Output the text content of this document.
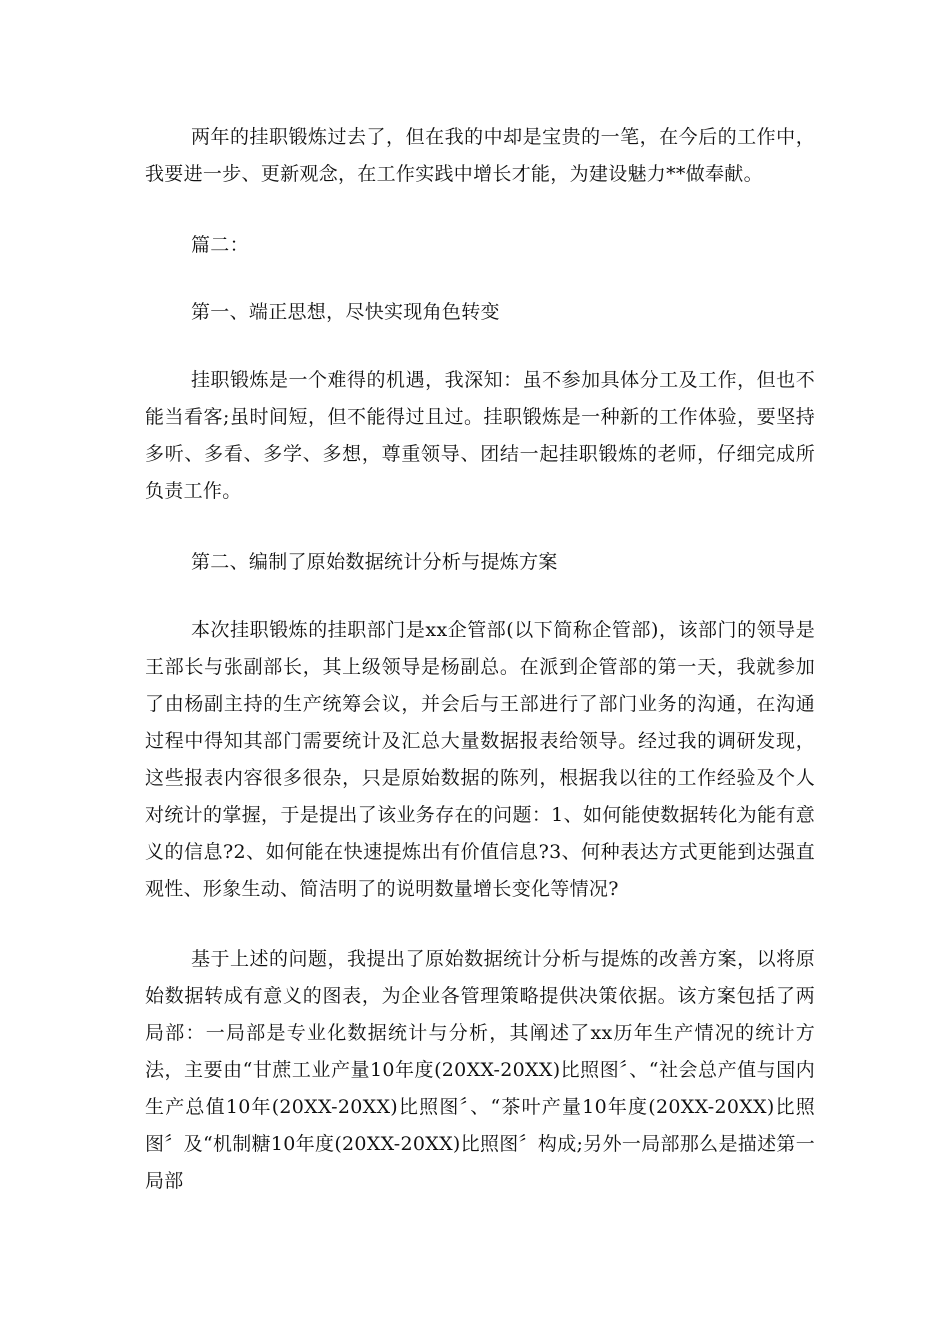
两年的挂职锻炼过去了，但在我的中却是宝贵的一笔，在今后的工作中，我要进一步、更新观念，在工作实践中增长才能，为建设魅力**做奉献。

篇二：

第一、端正思想，尽快实现角色转变

挂职锻炼是一个难得的机遇，我深知：虽不参加具体分工及工作，但也不能当看客;虽时间短，但不能得过且过。挂职锻炼是一种新的工作体验，要坚持多听、多看、多学、多想，尊重领导、团结一起挂职锻炼的老师，仔细完成所负责工作。

第二、编制了原始数据统计分析与提炼方案

本次挂职锻炼的挂职部门是xx企管部(以下简称企管部)，该部门的领导是王部长与张副部长，其上级领导是杨副总。在派到企管部的第一天，我就参加了由杨副主持的生产统筹会议，并会后与王部进行了部门业务的沟通，在沟通过程中得知其部门需要统计及汇总大量数据报表给领导。经过我的调研发现，这些报表内容很多很杂，只是原始数据的陈列，根据我以往的工作经验及个人对统计的掌握，于是提出了该业务存在的问题：1、如何能使数据转化为能有意义的信息?2、如何能在快速提炼出有价值信息?3、何种表达方式更能到达强直观性、形象生动、简洁明了的说明数量增长变化等情况?

基于上述的问题，我提出了原始数据统计分析与提炼的改善方案，以将原始数据转成有意义的图表，为企业各管理策略提供决策依据。该方案包括了两局部：一局部是专业化数据统计与分析，其阐述了xx历年生产情况的统计方法，主要由“甘蔗工业产量10年度(20XX-20XX)比照图〞、“社会总产值与国内生产总值10年(20XX-20XX)比照图〞、“茶叶产量10年度(20XX-20XX)比照图〞及“机制糖10年度(20XX-20XX)比照图〞构成;另外一局部那么是描述第一局部
